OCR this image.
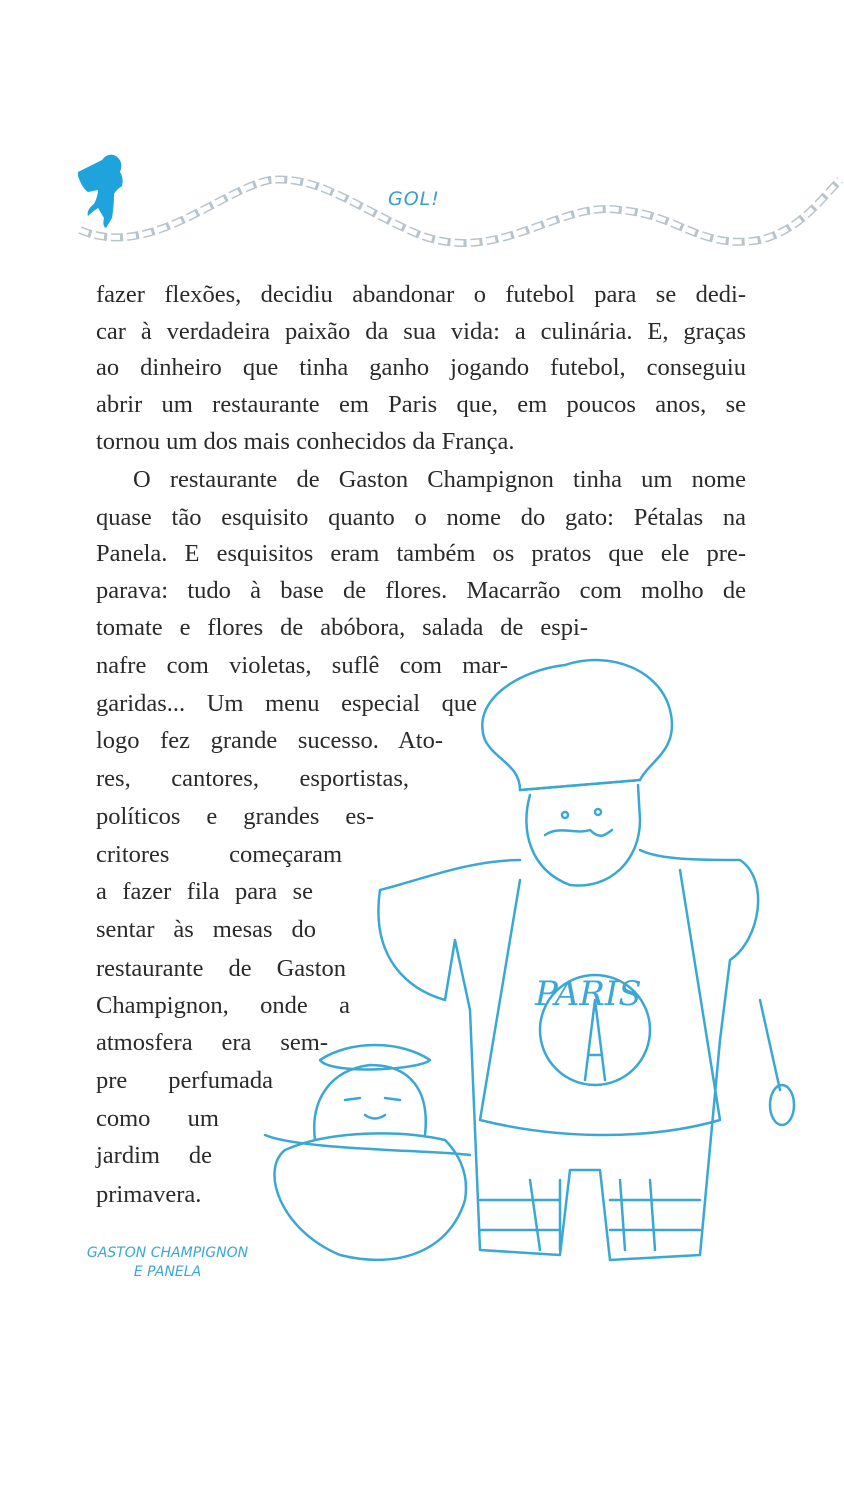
GOL!
fazer flexões, decidiu abandonar o futebol para se dedi-
car à verdadeira paixão da sua vida: a culinária. E, graças
ao dinheiro que tinha ganho jogando futebol, conseguiu
abrir um restaurante em Paris que, em poucos anos, se
tornou um dos mais conhecidos da França.
O restaurante de Gaston Champignon tinha um nome
quase tão esquisito quanto o nome do gato: Pétalas na
Panela. E esquisitos eram também os pratos que ele pre-
parava: tudo à base de flores. Macarrão com molho de
tomate e flores de abóbora, salada de espi-
nafre com violetas, suflê com mar-
garidas... Um menu especial que
logo fez grande sucesso. Ato-
res, cantores, esportistas,
políticos e grandes es-
critores começaram
a fazer fila para se
sentar às mesas do
restaurante de Gaston
Champignon, onde a
atmosfera era sem-
pre perfumada
como um
jardim de
primavera.
PARIS
GASTON CHAMPIGNON
E PANELA
